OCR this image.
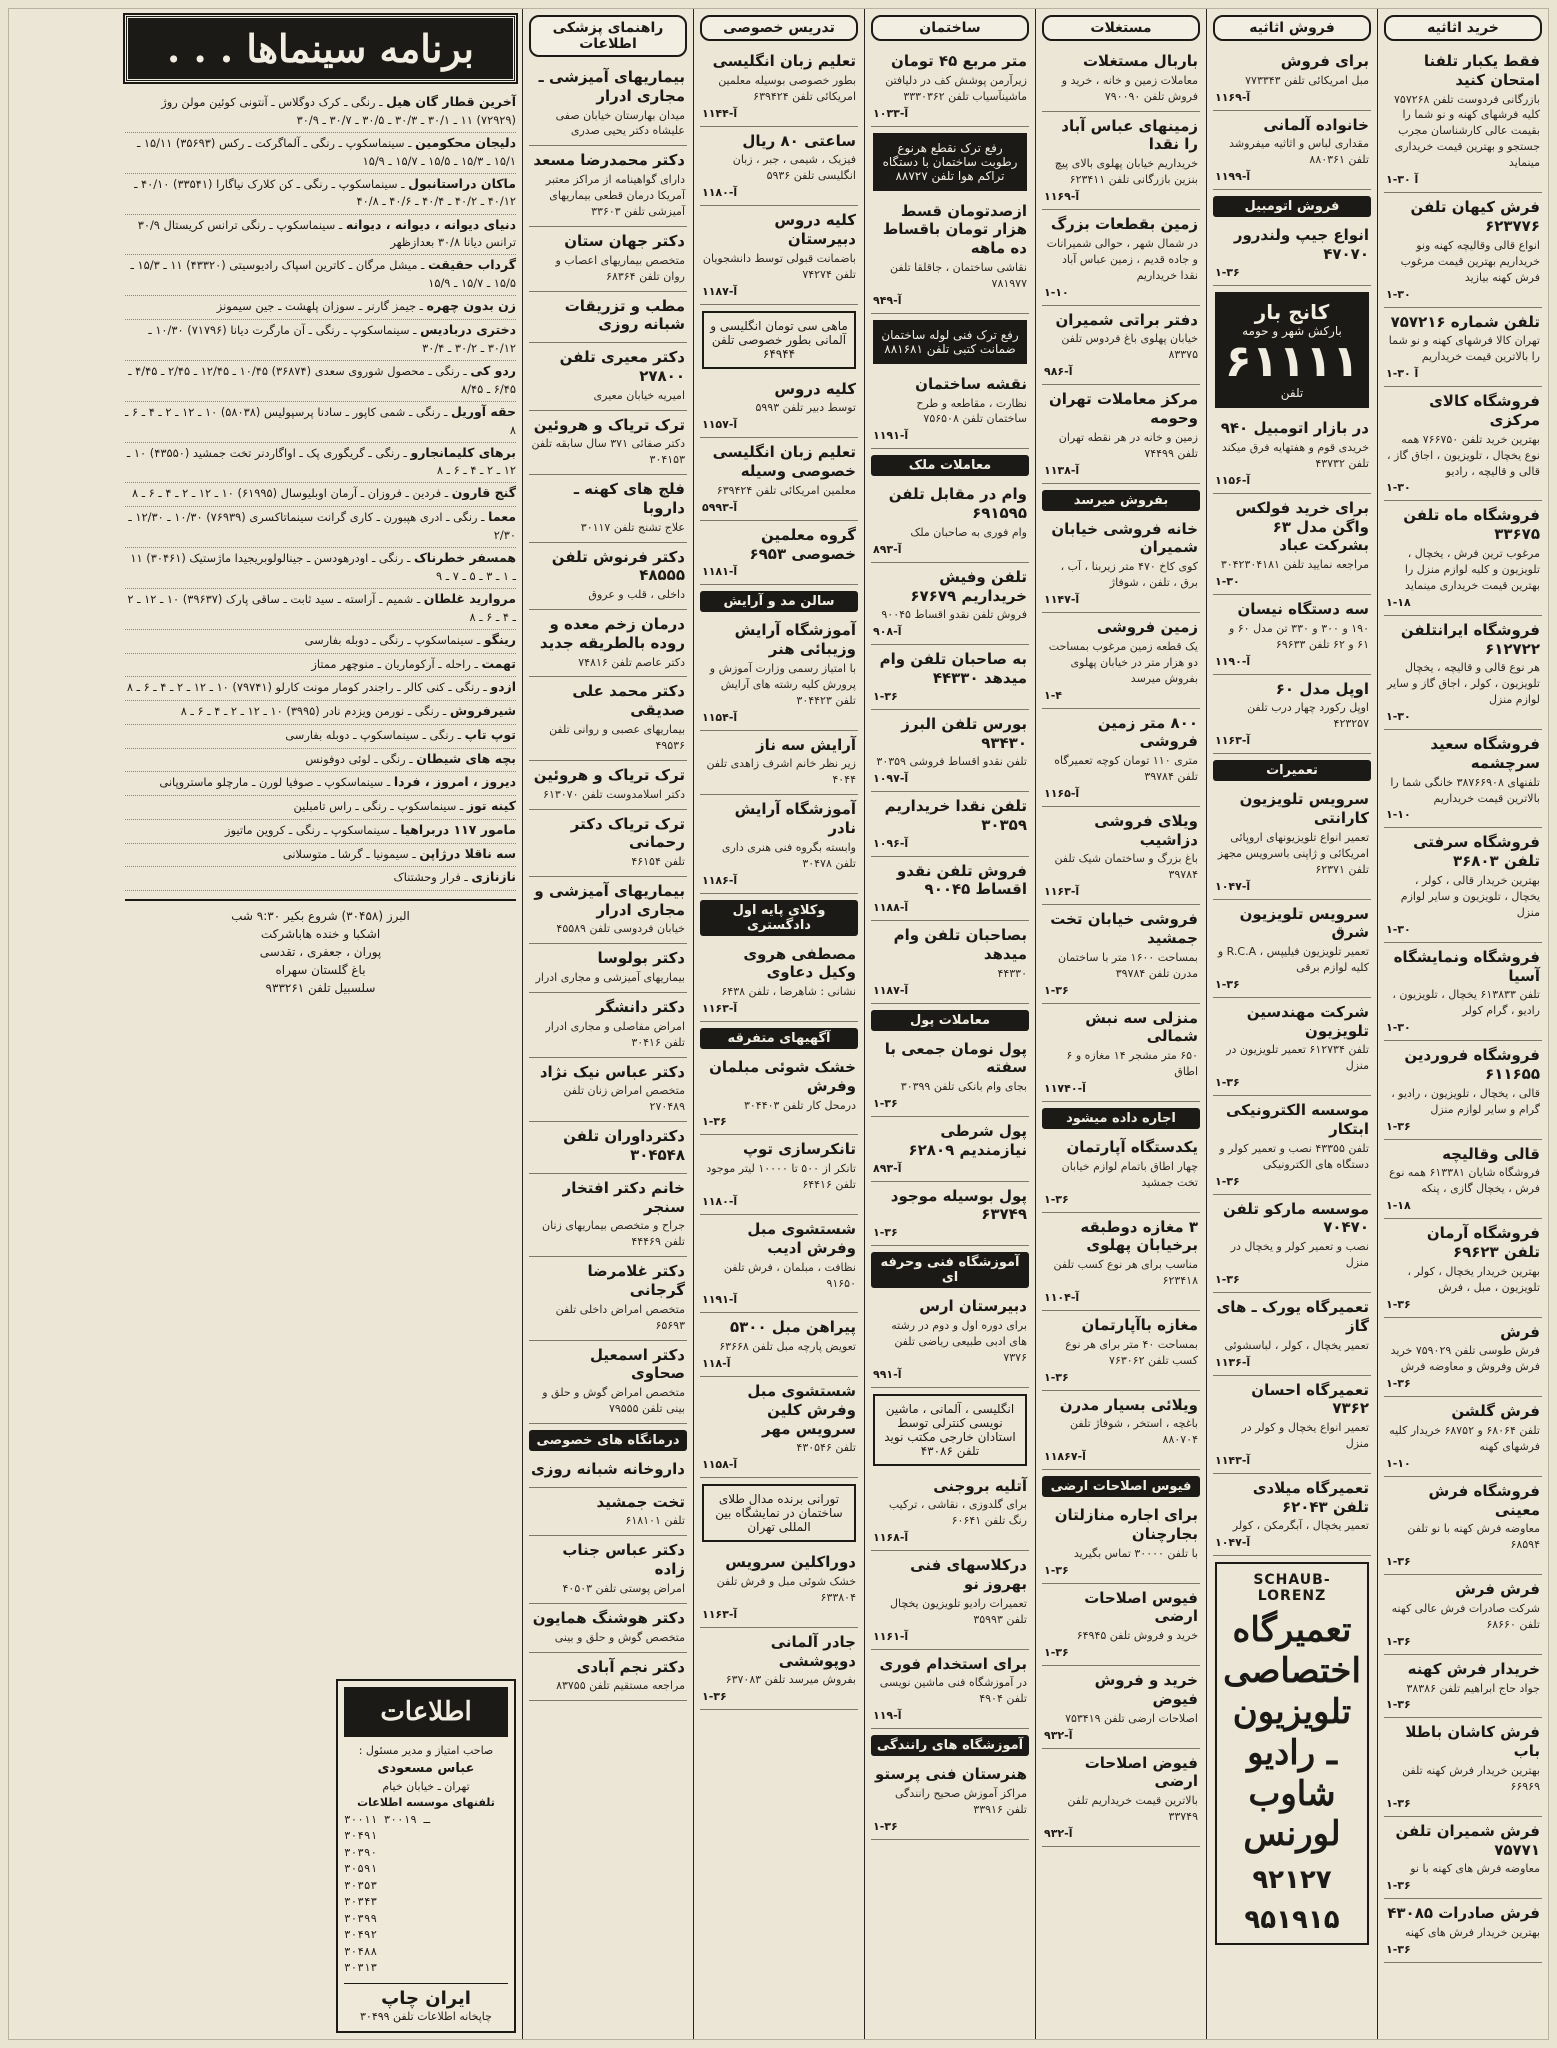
خرید اثاثیه
فقط یکبار تلفنا امتحان کنید
بازرگانی فردوست تلفن ۷۵۷۲۶۸ کلیه فرشهای کهنه و نو شما را بقیمت عالی کارشناسان مجرب جستجو و بهترین قیمت خریداری مینماید
۱-۳۰ آ
فرش کیهان تلفن ۶۲۳۷۷۶
انواع قالی وقالیچه کهنه ونو خریداریم بهترین قیمت مرغوب فرش کهنه بیازید
۱-۳۰
تلفن شماره ۷۵۷۲۱۶
تهران کالا فرشهای کهنه و نو شما را بالاترین قیمت خریداریم
۱-۳۰ آ
فروشگاه کالای مرکزی
بهترین خرید تلفن ۷۶۶۷۵۰ همه نوع یخچال ، تلویزیون ، اجاق گاز ، قالی و قالیچه ، رادیو
۱-۳۰
فروشگاه ماه تلفن ۳۳۶۷۵
مرغوب ترین فرش ، یخچال ، تلویزیون و کلیه لوازم منزل را بهترین قیمت خریداری مینماید
۱-۱۸
فروشگاه ایرانتلفن ۶۱۲۷۲۲
هر نوع قالی و قالیچه ، یخچال تلویزیون ، کولر ، اجاق گاز و سایر لوازم منزل
۱-۳۰
فروشگاه سعید سرچشمه
تلفنهای ۳۸۷۶۶۹۰۸ خانگی شما را بالاترین قیمت خریداریم
۱-۱۰
فروشگاه سرفتی تلفن ۳۶۸۰۳
بهترین خریدار قالی ، کولر ، یخچال ، تلویزیون و سایر لوازم منزل
۱-۳۰
فروشگاه ونمایشگاه آسیا
تلفن ۶۱۳۸۳۳ یخچال ، تلویزیون ، رادیو ، گرام کولر
۱-۳۰
فروشگاه فروردین ۶۱۱۶۵۵
قالی ، یخچال ، تلویزیون ، رادیو ، گرام و سایر لوازم منزل
۱-۳۶
قالی وقالیچه
فروشگاه شایان ۶۱۳۳۸۱ همه نوع فرش ، یخچال گازی ، پنکه
۱-۱۸
فروشگاه آرمان تلفن ۶۹۶۲۳
بهترین خریدار یخچال ، کولر ، تلویزیون ، مبل ، فرش
۱-۳۶
فرش
فرش طوسی تلفن ۷۵۹۰۲۹ خرید فرش وفروش و معاوضه فرش
۱-۳۶
فرش گلشن
تلفن ۶۸۰۶۴ و ۶۸۷۵۲ خریدار کلیه فرشهای کهنه
۱-۱۰
فروشگاه فرش معینی
معاوضه فرش کهنه با نو تلفن ۶۸۵۹۴
۱-۳۶
فرش فرش
شرکت صادرات فرش عالی کهنه تلفن ۶۸۶۶۰
۱-۳۶
خریدار فرش کهنه
جواد حاج ابراهیم تلفن ۳۸۳۸۶
۱-۳۶
فرش کاشان باطلا باب
بهترین خریدار فرش کهنه تلفن ۶۶۹۶۹
۱-۳۶
فرش شمیران تلفن ۷۵۷۷۱
معاوضه فرش های کهنه با نو
۱-۳۶
فرش صادرات ۴۳۰۸۵
بهترین خریدار فرش های کهنه
۱-۳۶
فروش اثاثیه
برای فروش
مبل امریکائی تلفن ۷۷۳۳۴۳
آ-۱۱۶۹
خانواده آلمانی
مقداری لباس و اثاثیه میفروشد تلفن ۸۸۰۳۶۱
آ-۱۱۹۹
فروش اتومبیل
انواع جیپ ولندرور ۴۷۰۷۰
۱-۳۶
کانج بار
بارکش شهر و حومه
۶۱۱۱۱
تلفن
در بازار اتومبیل ۹۴۰
خریدی قوم و هفتهایه فرق میکند تلفن ۴۳۷۳۲
آ-۱۱۵۶
برای خرید فولکس واگن مدل ۶۳ بشرکت عباد
مراجعه نمایید تلفن ۳۰۴۲۳۰۴۱۸۱
۱-۳۰
سه دستگاه نیسان
۱۹۰ و ۳۰۰ و ۳۳۰ تن مدل ۶۰ و ۶۱ و ۶۲ تلفن ۶۹۶۳۳
آ-۱۱۹۰
اوپل مدل ۶۰
اوپل رکورد چهار درب تلفن ۴۲۳۲۵۷
آ-۱۱۶۳
تعمیرات
سرویس تلویزیون کارانتی
تعمیر انواع تلویزیونهای اروپائی امریکائی و ژاپنی باسرویس مجهز تلفن ۶۲۳۷۱
آ-۱۰۴۷
سرویس تلویزیون شرق
تعمیر تلویزیون فیلیپس ، R.C.A و کلیه لوازم برقی
۱-۳۶
شرکت مهندسین تلویزیون
تلفن ۶۱۲۷۳۴ تعمیر تلویزیون در منزل
۱-۳۶
موسسه الکترونیکی ابتکار
تلفن ۴۳۳۵۵ نصب و تعمیر کولر و دستگاه های الکترونیکی
۱-۳۶
موسسه مارکو تلفن ۷۰۴۷۰
نصب و تعمیر کولر و یخچال در منزل
۱-۳۶
تعمیرگاه یورک ـ های گاز
تعمیر یخچال ، کولر ، لباسشوئی
آ-۱۱۳۶
تعمیرگاه احسان ۷۳۶۲
تعمیر انواع یخچال و کولر در منزل
آ-۱۱۴۳
تعمیرگاه میلادی تلفن ۶۲۰۴۳
تعمیر یخچال ، آبگرمکن ، کولر
آ-۱۰۴۷
SCHAUB-LORENZ
تعمیرگاه اختصاصی تلویزیون ـ رادیو شاوب لورنس
۹۲۱۲۷
۹۵۱۹۱۵
مستغلات
باربال مستغلات
معاملات زمین و خانه ، خرید و فروش تلفن ۷۹۰۰۹۰
زمینهای عباس آباد را نقدا
خریداریم خیابان پهلوی بالای پیچ بنزین بازرگانی تلفن ۶۲۳۴۱۱
آ-۱۱۶۹
زمین بقطعات بزرگ
در شمال شهر ، حوالی شمیرانات و جاده قدیم ، زمین عباس آباد نقدا خریداریم
۱-۱۰
دفتر براتی شمیران
خیابان پهلوی باغ فردوس تلفن ۸۳۳۷۵
آ-۹۸۶
مرکز معاملات تهران وحومه
زمین و خانه در هر نقطه تهران تلفن ۷۴۴۹۹
آ-۱۱۳۸
بفروش میرسد
خانه فروشی خیابان شمیران
کوی کاخ ۴۷۰ متر زیربنا ، آب ، برق ، تلفن ، شوفاژ
آ-۱۱۴۷
زمین فروشی
یک قطعه زمین مرغوب بمساحت دو هزار متر در خیابان پهلوی بفروش میرسد
۱-۴
۸۰۰ متر زمین فروشی
متری ۱۱۰ تومان کوچه تعمیرگاه تلفن ۳۹۷۸۴
آ-۱۱۶۵
ویلای فروشی دزاشیب
باغ بزرگ و ساختمان شیک تلفن ۳۹۷۸۴
آ-۱۱۶۳
فروشی خیابان تخت جمشید
بمساحت ۱۶۰۰ متر با ساختمان مدرن تلفن ۳۹۷۸۴
۱-۳۶
منزلی سه نبش شمالی
۶۵۰ متر مشجر ۱۴ مغازه و ۶ اطاق
آ-۱۱۷۴۰
اجاره داده میشود
یکدستگاه آپارتمان
چهار اطاق باتمام لوازم خیابان تخت جمشید
۱-۳۶
۳ مغازه دوطبقه برخیابان پهلوی
مناسب برای هر نوع کسب تلفن ۶۲۳۴۱۸
آ-۱۱۰۴
مغازه باآپارتمان
بمساحت ۴۰ متر برای هر نوع کسب تلفن ۷۶۳۰۶۲
۱-۳۶
ویلائی بسیار مدرن
باغچه ، استخر ، شوفاژ تلفن ۸۸۰۷۰۴
آ-۱۱۸۶۷
فیوس اصلاحات ارضی
برای اجاره منازلتان بجارچنان
با تلفن ۳۰۰۰۰ تماس بگیرید
۱-۳۶
فیوس اصلاحات ارضی
خرید و فروش تلفن ۶۴۹۴۵
۱-۳۶
خرید و فروش فیوض
اصلاحات ارضی تلفن ۷۵۳۴۱۹
آ-۹۳۲
فیوض اصلاحات ارضی
بالاترین قیمت خریداریم تلفن ۳۳۷۴۹
آ-۹۳۲
ساختمان
متر مربع ۴۵ تومان
زیرآرمن پوشش کف در دلیافتن ماشینآسیاب تلفن ۳۳۳۰۳۶۲
آ-۱۰۳۳
رفع ترک نقطع هرنوع رطوبت ساختمان با دستگاه تراکم هوا تلفن ۸۸۷۲۷
ازصدتومان قسط هزار تومان باقساط ده ماهه
نقاشی ساختمان ، جاقلقا تلفن ۷۸۱۹۷۷
آ-۹۴۹
رفع ترک فنی لوله ساختمان ضمانت کتبی تلفن ۸۸۱۶۸۱
نقشه ساختمان
نظارت ، مقاطعه و طرح ساختمان تلفن ۷۵۶۵۰۸
آ-۱۱۹۱
معاملات ملک
وام در مقابل تلفن ۶۹۱۵۹۵
وام فوری به صاحبان ملک
آ-۸۹۳
تلفن وفیش خریداریم ۶۷۶۷۹
فروش تلفن نقدو اقساط ۹۰۰۴۵
آ-۹۰۸
به صاحبان تلفن وام میدهد ۴۴۳۳۰
۱-۳۶
بورس تلفن البرز ۹۳۴۳۰
تلفن نقدو اقساط فروشی ۳۰۳۵۹
آ-۱۰۹۷
تلفن نقدا خریداریم ۳۰۳۵۹
آ-۱۰۹۶
فروش تلفن نقدو اقساط ۹۰۰۴۵
آ-۱۱۸۸
بصاحبان تلفن وام میدهد
۴۴۳۳۰
آ-۱۱۸۷
معاملات پول
پول نومان جمعی با سفته
بجای وام بانکی تلفن ۳۰۳۹۹
۱-۳۶
پول شرطی نیازمندیم ۶۲۸۰۹
آ-۸۹۳
پول بوسیله موجود ۶۳۷۴۹
۱-۳۶
آموزشگاه فنی وحرفه ای
دبیرستان ارس
برای دوره اول و دوم در رشته های ادبی طبیعی ریاضی تلفن ۷۳۷۶
آ-۹۹۱
انگلیسی ، آلمانی ، ماشین نویسی کنترلی توسط استادان خارجی مکتب نوید تلفن ۴۳۰۸۶
آتلیه بروجنی
برای گلدوزی ، نقاشی ، ترکیب رنگ تلفن ۶۰۶۴۱
آ-۱۱۶۸
درکلاسهای فنی بهروز نو
تعمیرات رادیو تلویزیون یخچال تلفن ۳۵۹۹۳
آ-۱۱۶۱
برای استخدام فوری
در آموزشگاه فنی ماشین نویسی تلفن ۴۹۰۴
آ-۱۱۹
آموزشگاه های رانندگی
هنرستان فنی پرستو
مراکز آموزش صحیح رانندگی تلفن ۳۳۹۱۶
۱-۳۶
تدریس خصوصی
تعلیم زبان انگلیسی
بطور خصوصی بوسیله معلمین امریکائی تلفن ۶۳۹۴۲۴
آ-۱۱۴۴
ساعتی ۸۰ ریال
فیزیک ، شیمی ، جبر ، زبان انگلیسی تلفن ۵۹۳۶
آ-۱۱۸۰
کلیه دروس دبیرستان
باضمانت قبولی توسط دانشجویان تلفن ۷۴۲۷۴
آ-۱۱۸۷
ماهی سی تومان انگلیسی و آلمانی بطور خصوصی تلفن ۶۴۹۴۴
کلیه دروس
توسط دبیر تلفن ۵۹۹۳
آ-۱۱۵۷
تعلیم زبان انگلیسی خصوصی وسیله
معلمین امریکائی تلفن ۶۳۹۴۲۴
آ-۵۹۹۳
گروه معلمین خصوصی ۶۹۵۳
آ-۱۱۸۱
سالن مد و آرایش
آموزشگاه آرایش وزیبائی هنر
با امتیاز رسمی وزارت آموزش و پرورش کلیه رشته های آرایش تلفن ۳۰۴۴۲۳
آ-۱۱۵۴
آرایش سه ناز
زیر نظر خانم اشرف زاهدی تلفن ۴۰۴۴
آموزشگاه آرایش نادر
وابسته بگروه فنی هنری داری تلفن ۳۰۴۷۸
آ-۱۱۸۶
وکلای پایه اول دادگستری
مصطفی هروی وکیل دعاوی
نشانی : شاهرضا ، تلفن ۶۴۳۸
آ-۱۱۶۳
آگهیهای متفرقه
خشک شوئی مبلمان وفرش
درمحل کار تلفن ۳۰۴۴۰۳
۱-۳۶
تانکرسازی توپ
تانکر از ۵۰۰ تا ۱۰۰۰۰ لیتر موجود تلفن ۶۴۴۱۶
آ-۱۱۸۰
شستشوی مبل وفرش ادیب
نظافت ، مبلمان ، فرش تلفن ۹۱۶۵۰
آ-۱۱۹۱
پیراهن مبل ۵۳۰۰
تعویض پارچه مبل تلفن ۶۳۶۶۸
آ-۱۱۸
شستشوی مبل وفرش کلین سرویس مهر
تلفن ۴۳۰۵۴۶
آ-۱۱۵۸
تورانی برنده مدال طلای ساختمان در نمایشگاه بین المللی تهران
دوراکلین سرویس
خشک شوئی مبل و فرش تلفن ۶۳۳۸۰۴
آ-۱۱۶۳
جادر آلمانی دوپوششی
بفروش میرسد تلفن ۶۳۷۰۸۳
۱-۳۶
راهنمای پزشکی اطلاعات
بیماریهای آمیزشی ـ مجاری ادرار
میدان بهارستان خیابان صفی علیشاه دکتر یحیی صدری
دکتر محمدرضا مسعد
دارای گواهینامه از مراکز معتبر آمریکا درمان قطعی بیماریهای آمیزشی تلفن ۳۳۶۰۳
دکتر جهان ستان
متخصص بیماریهای اعصاب و روان تلفن ۶۸۳۶۴
مطب و تزریقات شبانه روزی
دکتر معیری تلفن ۲۷۸۰۰
امیریه خیابان معیری
ترک تریاک و هروئین
دکتر صفائی ۳۷۱ سال سابقه تلفن ۳۰۴۱۵۳
فلج های کهنه ـ داروبا
علاج تشنج تلفن ۳۰۱۱۷
دکتر فرنوش تلفن ۴۸۵۵۵
داخلی ، قلب و عروق
درمان زخم معده و روده بالطریقه جدید
دکتر عاصم تلفن ۷۴۸۱۶
دکتر محمد علی صدیقی
بیماریهای عصبی و روانی تلفن ۴۹۵۳۶
ترک تریاک و هروئین
دکتر اسلامدوست تلفن ۶۱۳۰۷۰
ترک تریاک دکتر رحمانی
تلفن ۴۶۱۵۴
بیماریهای آمیزشی و مجاری ادرار
خیابان فردوسی تلفن ۴۵۵۸۹
دکتر بولوسا
بیماریهای آمیزشی و مجاری ادرار
دکتر دانشگر
امراض مفاصلی و مجاری ادرار تلفن ۳۰۴۱۶
دکتر عباس نیک نژاد
متخصص امراض زنان تلفن ۲۷۰۴۸۹
دکترداوران تلفن ۳۰۴۵۴۸
خانم دکتر افتخار سنجر
جراح و متخصص بیماریهای زنان تلفن ۴۴۴۶۹
دکتر غلامرضا گرجانی
متخصص امراض داخلی تلفن ۶۵۶۹۳
دکتر اسمعیل صحاوی
متخصص امراض گوش و حلق و بینی تلفن ۷۹۵۵۵
درمانگاه های خصوصی
داروخانه شبانه روزی
تخت جمشید
تلفن ۶۱۸۱۰۱
دکتر عباس جناب زاده
امراض پوستی تلفن ۴۰۵۰۳
دکتر هوشنگ همایون
متخصص گوش و حلق و بینی
دکتر نجم آبادی
مراجعه مستقیم تلفن ۸۳۷۵۵
برنامه سینماها . . .
آخرین قطار گان هیل ـ رنگی ـ کرک دوگلاس ـ آنتونی کوئین مولن روژ (۷۲۹۲۹) ۱۱ ـ ۳۰/۱ ـ ۳۰/۳ ـ ۳۰/۵ ـ ۳۰/۷ ـ ۳۰/۹
دلیجان محکومین ـ سینماسکوپ ـ رنگی ـ آلماگرکت ـ رکس (۳۵۶۹۳) ۱۵/۱۱ ـ ۱۵/۱ ـ ۱۵/۳ ـ ۱۵/۵ ـ ۱۵/۷ ـ ۱۵/۹
ماکان دراستانبول ـ سینماسکوپ ـ رنگی ـ کن کلارک نیاگارا (۳۳۵۴۱) ۴۰/۱۰ ـ ۴۰/۱۲ ـ ۴۰/۲ ـ ۴۰/۴ ـ ۴۰/۶ ـ ۴۰/۸
دنیای دیوانه ، دیوانه ، دیوانه ـ سینماسکوپ ـ رنگی ترانس کریستال ۳۰/۹ ترانس دیانا ۳۰/۸ بعدازظهر
گرداب حقیقت ـ میشل مرگان ـ کاترین اسپاک رادیوسیتی (۴۳۳۲۰) ۱۱ ـ ۱۵/۳ ـ ۱۵/۵ ـ ۱۵/۷ ـ ۱۵/۹
زن بدون چهره ـ جیمز گارنر ـ سوزان پلهشت ـ جین سیمونز
دختری دربادیس ـ سینماسکوپ ـ رنگی ـ آن مارگرت دیانا (۷۱۷۹۶) ۱۰/۳۰ ـ ۳۰/۱۲ ـ ۳۰/۲ ـ ۳۰/۴
ردو کی ـ رنگی ـ محصول شوروی سعدی (۳۶۸۷۴) ۱۰/۴۵ ـ ۱۲/۴۵ ـ ۲/۴۵ ـ ۴/۴۵ ـ ۶/۴۵ ـ ۸/۴۵
حقه آوریل ـ رنگی ـ شمی کاپور ـ سادنا پرسپولیس (۵۸۰۳۸) ۱۰ ـ ۱۲ ـ ۲ ـ ۴ ـ ۶ ـ ۸
برهای کلیمانجارو ـ رنگی ـ گریگوری پک ـ اواگاردنر تخت جمشید (۴۳۵۵۰) ۱۰ ـ ۱۲ ـ ۲ ـ ۴ ـ ۶ ـ ۸
گنج قارون ـ فردین ـ فروزان ـ آرمان اوبلیوسال (۶۱۹۹۵) ۱۰ ـ ۱۲ ـ ۲ ـ ۴ ـ ۶ ـ ۸
معما ـ رنگی ـ ادری هپبورن ـ کاری گرانت سینماتاکسری (۷۶۹۳۹) ۱۰/۳۰ ـ ۱۲/۳۰ ـ ۲/۳۰
همسفر خطرناک ـ رنگی ـ اودرهودسن ـ جینالولوبریجیدا ماژستیک (۳۰۴۶۱) ۱۱ ـ ۱ ـ ۳ ـ ۵ ـ ۷ ـ ۹
مروارید غلطان ـ شمیم ـ آراسته ـ سید ثابت ـ ساقی پارک (۳۹۶۳۷) ۱۰ ـ ۱۲ ـ ۲ ـ ۴ ـ ۶ ـ ۸
رینگو ـ سینماسکوپ ـ رنگی ـ دوبله بفارسی
تهمت ـ راحله ـ آرکوماریان ـ منوچهر ممتاز
ازدو ـ رنگی ـ کنی کالر ـ راجندر کومار مونت کارلو (۷۹۷۴۱) ۱۰ ـ ۱۲ ـ ۲ ـ ۴ ـ ۶ ـ ۸
شیرفروش ـ رنگی ـ نورمن ویزدم نادر (۳۹۹۵) ۱۰ ـ ۱۲ ـ ۲ ـ ۴ ـ ۶ ـ ۸
توپ تاپ ـ رنگی ـ سینماسکوپ ـ دوبله بفارسی
بچه های شیطان ـ رنگی ـ لوئی دوفونس
دیروز ، امروز ، فردا ـ سینماسکوپ ـ صوفیا لورن ـ مارچلو ماستروپانی
کینه توز ـ سینماسکوپ ـ رنگی ـ راس تامبلین
مامور ۱۱۷ دربراهیا ـ سینماسکوپ ـ رنگی ـ کروین ماتیوز
سه ناقلا درژاپن ـ سیمونیا ـ گرشا ـ متوسلانی
نازنازی ـ فرار وحشتناک
البرز (۳۰۴۵۸) شروع بکیر ۹:۳۰ شب
اشکبا و خنده هاباشرکت
پوران ، جعفری ، تقدسی
باغ گلستان سهراه
سلسبیل تلفن ۹۳۳۲۶۱
اطلاعات
صاحب امتیاز و مدیر مسئول :
عباس مسعودی
تهران ـ خیابان خیام
تلفنهای موسسه اطلاعات
۳۰۰۱۱ ـ ۳۰۰۱۹
۳۰۴۹۱
۳۰۳۹۰
۳۰۵۹۱
۳۰۳۵۳
۳۰۳۴۳
۳۰۳۹۹
۳۰۴۹۲
۳۰۴۸۸
۳۰۳۱۳
ایران چاپ
چاپخانه اطلاعات تلفن ۳۰۴۹۹
